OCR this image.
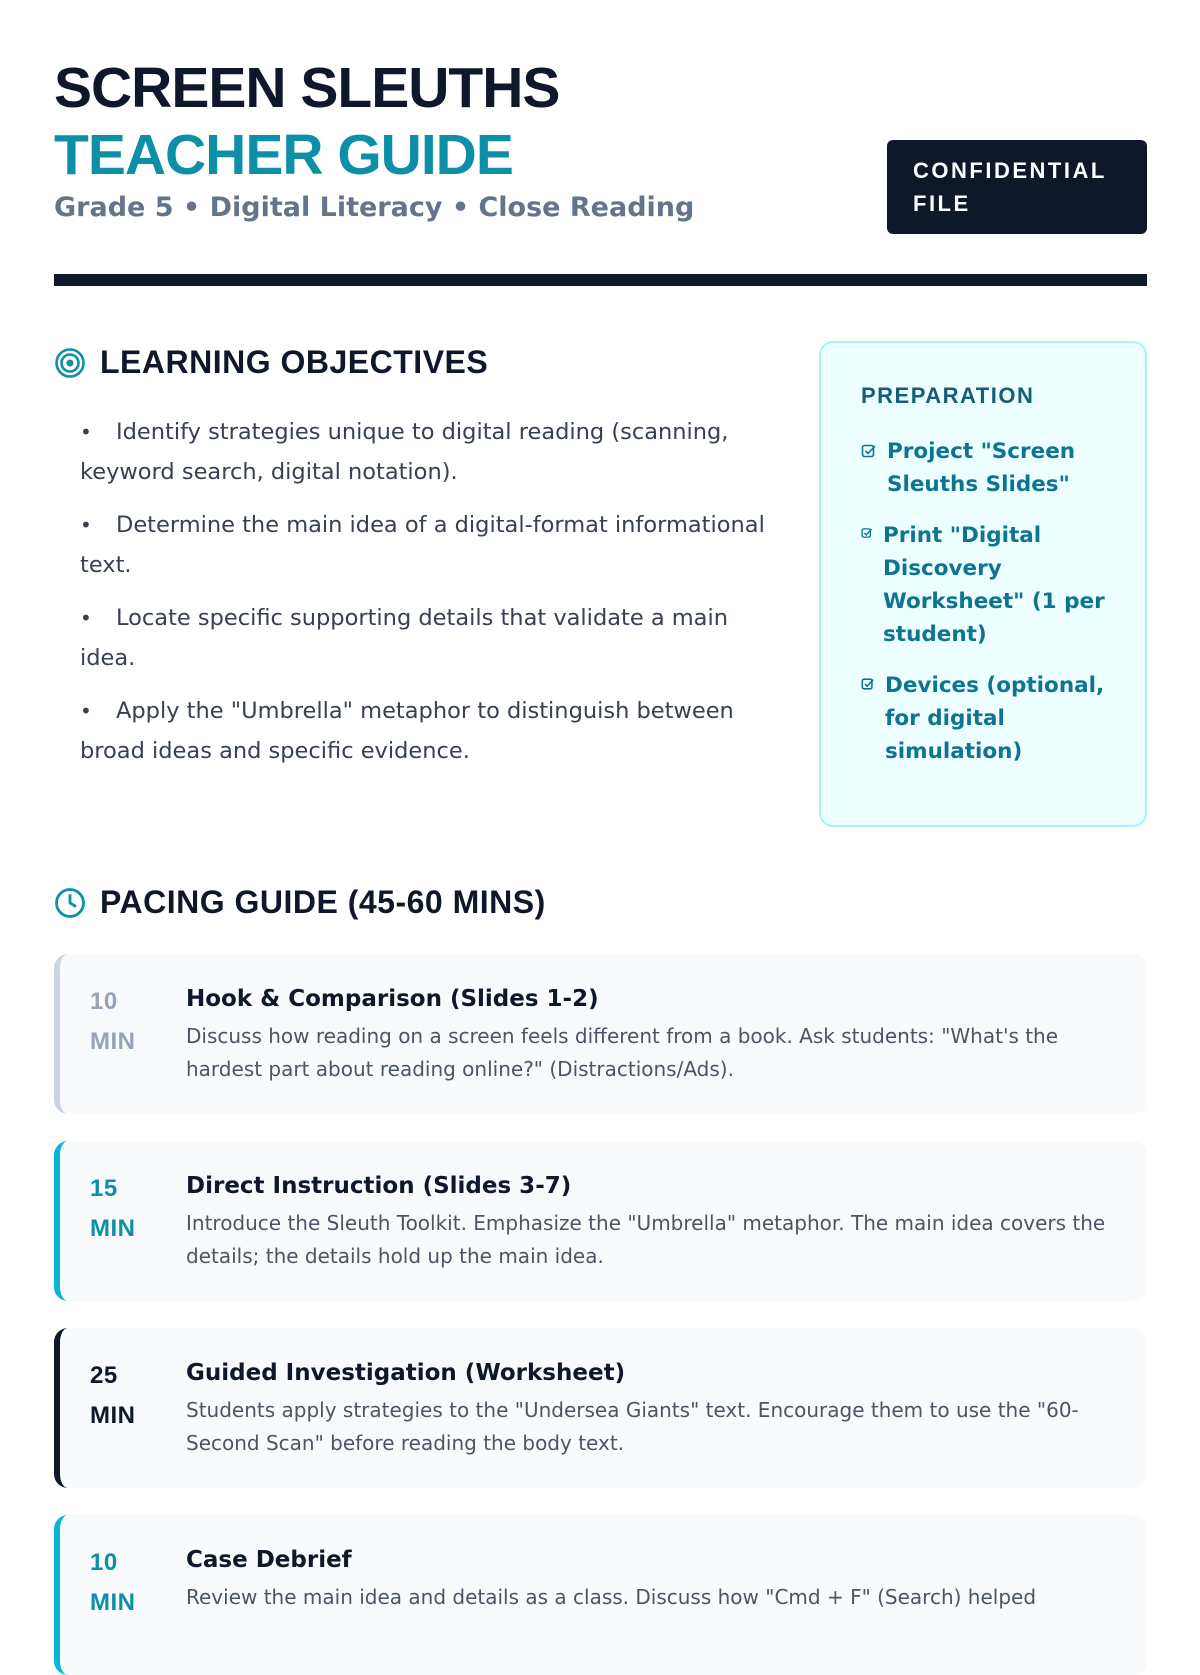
SCREEN SLEUTHS
TEACHER GUIDE
Grade 5 • Digital Literacy • Close Reading
CONFIDENTIAL FILE
LEARNING OBJECTIVES
• Identify strategies unique to digital reading (scanning, keyword search, digital notation).
• Determine the main idea of a digital-format informational text.
• Locate specific supporting details that validate a main idea.
• Apply the "Umbrella" metaphor to distinguish between broad ideas and specific evidence.
PREPARATION
Project "Screen Sleuths Slides"
Print "Digital Discovery Worksheet" (1 per student)
Devices (optional, for digital simulation)
PACING GUIDE (45-60 MINS)
10
MIN

Hook & Comparison (Slides 1-2)

Discuss how reading on a screen feels different from a book. Ask students: "What's the hardest part about reading online?" (Distractions/Ads).

15
MIN

Direct Instruction (Slides 3-7)

Introduce the Sleuth Toolkit. Emphasize the "Umbrella" metaphor. The main idea covers the details; the details hold up the main idea.

25
MIN

Guided Investigation (Worksheet)

Students apply strategies to the "Undersea Giants" text. Encourage them to use the "60-Second Scan" before reading the body text.

10
MIN

Case Debrief

Review the main idea and details as a class. Discuss how "Cmd + F" (Search) helped
